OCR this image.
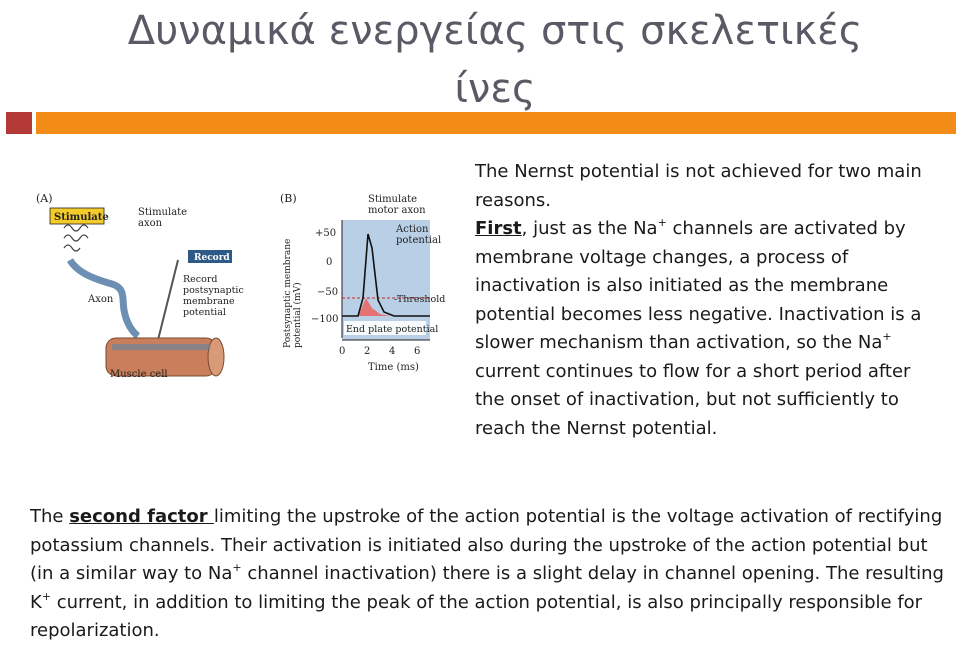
Δυναμικά ενεργείας στις σκελετικές
ίνες
(A)
Stimulate	Stimulate axon
Axon
Record
Record postsynaptic membrane potential
Muscle cell
(B)	Stimulate motor axon
Postsynaptic membranepotential (mV)
+50
0
−50
−100
Action potential
-Threshold
End plate potential
0 2 4 6
Time (ms)
The Nernst potential is not achieved for two main reasons.
First, just as the Na+ channels are activated by membrane voltage changes, a process of inactivation is also initiated as the membrane potential becomes less negative. Inactivation is a slower mechanism than activation, so the Na+ current continues to flow for a short period after the onset of inactivation, but not sufficiently to reach the Nernst potential.
The second factor limiting the upstroke of the action potential is the voltage activation of rectifying potassium channels. Their activation is initiated also during the upstroke of the action potential but (in a similar way to Na+ channel inactivation) there is a slight delay in channel opening. The resulting K+ current, in addition to limiting the peak of the action potential, is also principally responsible for repolarization.
